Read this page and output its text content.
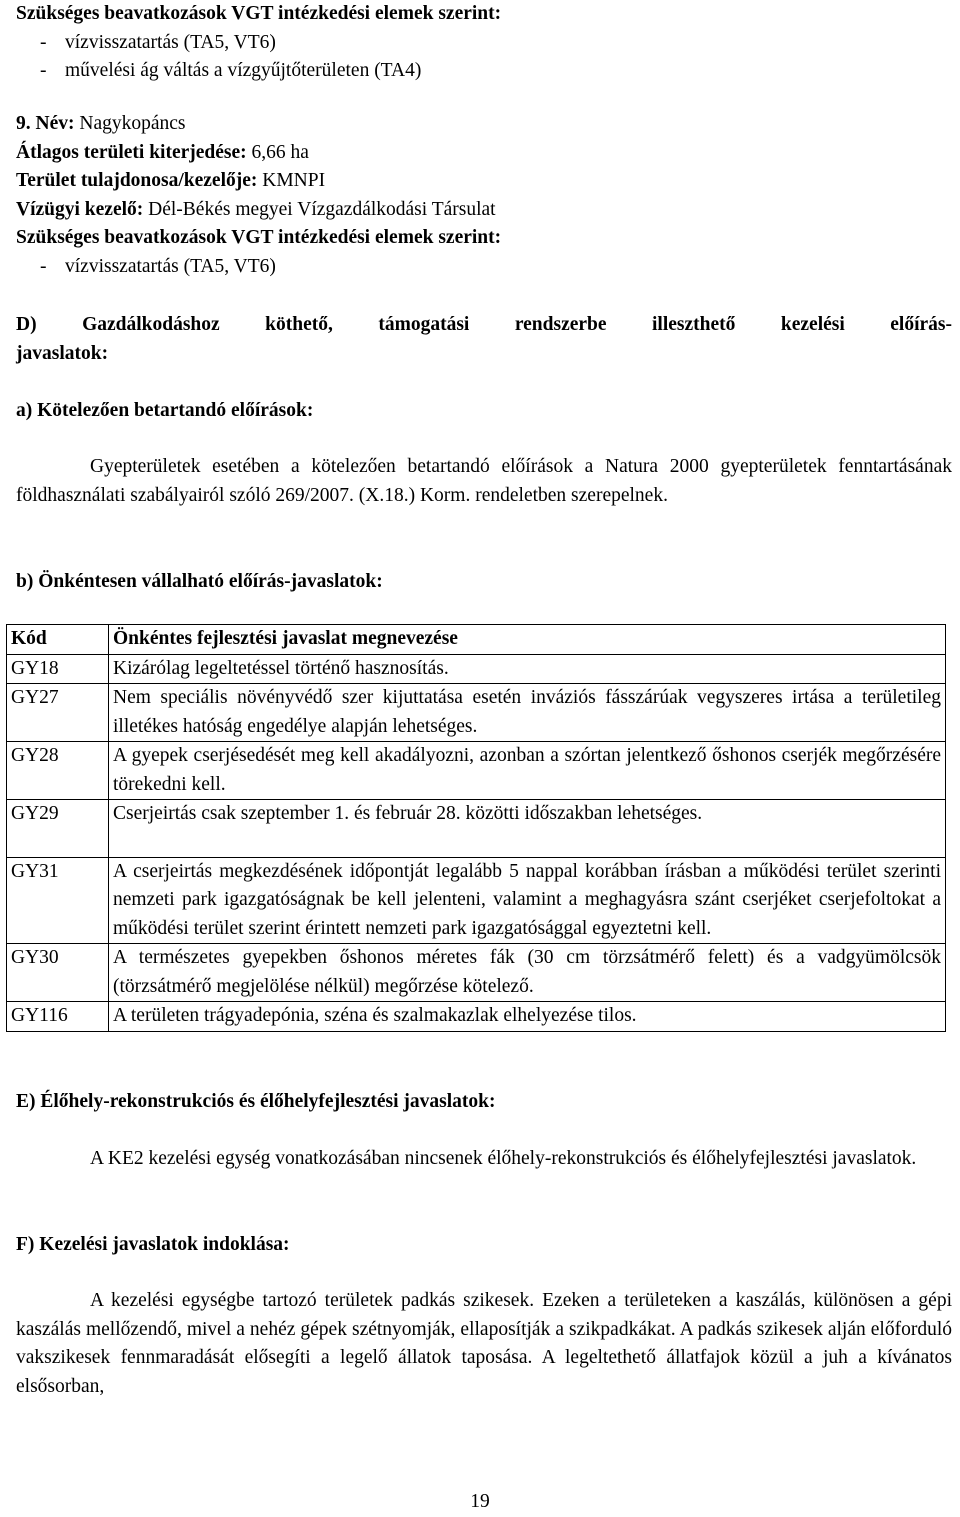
Szükséges beavatkozások VGT intézkedési elemek szerint:

- vízvisszatartás (TA5, VT6)

- művelési ág váltás a vízgyűjtőterületen (TA4)

9. Név: Nagykopáncs

Átlagos területi kiterjedése: 6,66 ha

Terület tulajdonosa/kezelője: KMNPI

Vízügyi kezelő: Dél-Békés megyei Vízgazdálkodási Társulat

Szükséges beavatkozások VGT intézkedési elemek szerint:

- vízvisszatartás (TA5, VT6)

D) Gazdálkodáshoz köthető, támogatási rendszerbe illeszthető kezelési előírás-

javaslatok:

a) Kötelezően betartandó előírások:

Gyepterületek esetében a kötelezően betartandó előírások a Natura 2000 gyepterületek fenntartásának földhasználati szabályairól szóló 269/2007. (X.18.) Korm. rendeletben szerepelnek.

b) Önkéntesen vállalható előírás-javaslatok:

Kód	Önkéntes fejlesztési javaslat megnevezése
GY18	Kizárólag legeltetéssel történő hasznosítás.
GY27	Nem speciális növényvédő szer kijuttatása esetén inváziós fásszárúak vegyszeres irtása a területileg illetékes hatóság engedélye alapján lehetséges.
GY28	A gyepek cserjésedését meg kell akadályozni, azonban a szórtan jelentkező őshonos cserjék megőrzésére törekedni kell.
GY29	Cserjeirtás csak szeptember 1. és február 28. közötti időszakban lehetséges.
GY31	A cserjeirtás megkezdésének időpontját legalább 5 nappal korábban írásban a működési terület szerinti nemzeti park igazgatóságnak be kell jelenteni, valamint a meghagyásra szánt cserjéket cserjefoltokat a működési terület szerint érintett nemzeti park igazgatósággal egyeztetni kell.
GY30	A természetes gyepekben őshonos méretes fák (30 cm törzsátmérő felett) és a vadgyümölcsök (törzsátmérő megjelölése nélkül) megőrzése kötelező.
GY116	A területen trágyadepónia, széna és szalmakazlak elhelyezése tilos.

E) Élőhely-rekonstrukciós és élőhelyfejlesztési javaslatok:

A KE2 kezelési egység vonatkozásában nincsenek élőhely-rekonstrukciós és élőhelyfejlesztési javaslatok.

F) Kezelési javaslatok indoklása:

A kezelési egységbe tartozó területek padkás szikesek. Ezeken a területeken a kaszálás, különösen a gépi kaszálás mellőzendő, mivel a nehéz gépek szétnyomják, ellaposítják a szikpadkákat. A padkás szikesek alján előforduló vakszikesek fennmaradását elősegíti a legelő állatok taposása. A legeltethető állatfajok közül a juh a kívánatos elsősorban,

19
